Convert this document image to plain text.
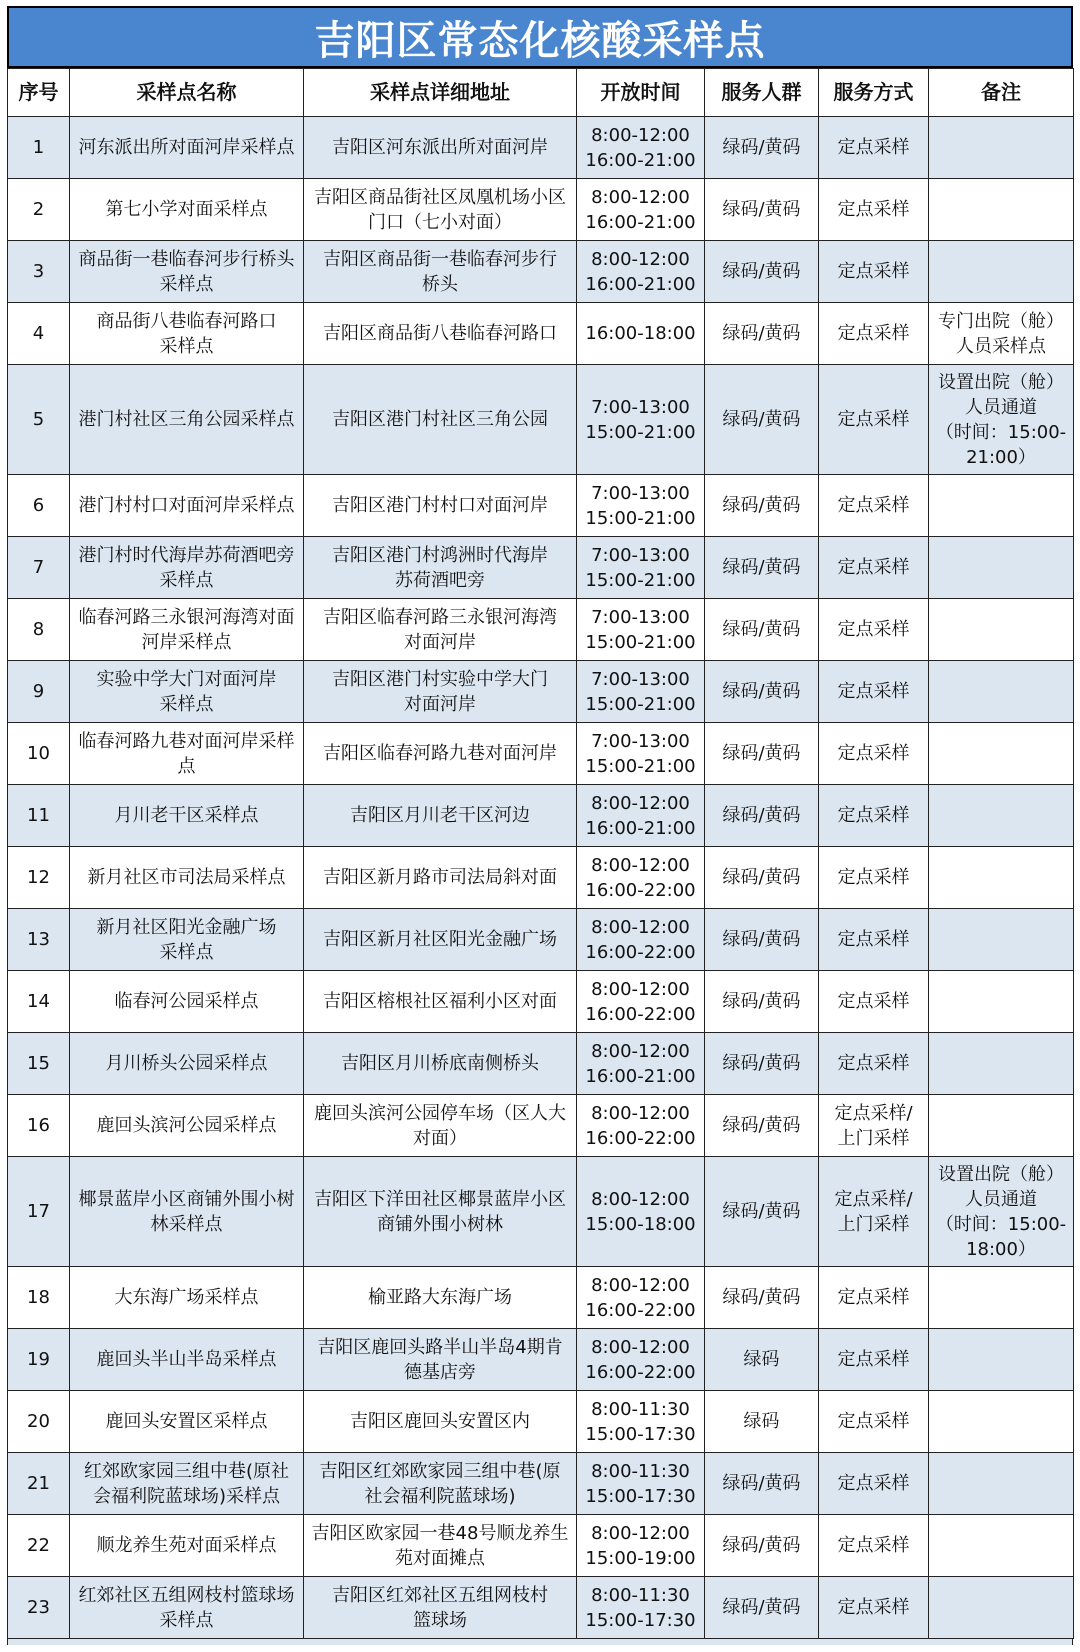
吉阳区常态化核酸采样点
序号	采样点名称	采样点详细地址	开放时间	服务人群	服务方式	备注
1	河东派出所对面河岸采样点	吉阳区河东派出所对面河岸	8:00-12:00
16:00-21:00	绿码/黄码	定点采样	
2	第七小学对面采样点	吉阳区商品街社区凤凰机场小区
门口（七小对面）	8:00-12:00
16:00-21:00	绿码/黄码	定点采样	
3	商品街一巷临春河步行桥头
采样点	吉阳区商品街一巷临春河步行
桥头	8:00-12:00
16:00-21:00	绿码/黄码	定点采样	
4	商品街八巷临春河路口
采样点	吉阳区商品街八巷临春河路口	16:00-18:00	绿码/黄码	定点采样	专门出院（舱）
人员采样点
5	港门村社区三角公园采样点	吉阳区港门村社区三角公园	7:00-13:00
15:00-21:00	绿码/黄码	定点采样	设置出院（舱）
人员通道
（时间：15:00-
21:00）
6	港门村村口对面河岸采样点	吉阳区港门村村口对面河岸	7:00-13:00
15:00-21:00	绿码/黄码	定点采样	
7	港门村时代海岸苏荷酒吧旁
采样点	吉阳区港门村鸿洲时代海岸
苏荷酒吧旁	7:00-13:00
15:00-21:00	绿码/黄码	定点采样	
8	临春河路三永银河海湾对面
河岸采样点	吉阳区临春河路三永银河海湾
对面河岸	7:00-13:00
15:00-21:00	绿码/黄码	定点采样	
9	实验中学大门对面河岸
采样点	吉阳区港门村实验中学大门
对面河岸	7:00-13:00
15:00-21:00	绿码/黄码	定点采样	
10	临春河路九巷对面河岸采样
点	吉阳区临春河路九巷对面河岸	7:00-13:00
15:00-21:00	绿码/黄码	定点采样	
11	月川老干区采样点	吉阳区月川老干区河边	8:00-12:00
16:00-21:00	绿码/黄码	定点采样	
12	新月社区市司法局采样点	吉阳区新月路市司法局斜对面	8:00-12:00
16:00-22:00	绿码/黄码	定点采样	
13	新月社区阳光金融广场
采样点	吉阳区新月社区阳光金融广场	8:00-12:00
16:00-22:00	绿码/黄码	定点采样	
14	临春河公园采样点	吉阳区榕根社区福利小区对面	8:00-12:00
16:00-22:00	绿码/黄码	定点采样	
15	月川桥头公园采样点	吉阳区月川桥底南侧桥头	8:00-12:00
16:00-21:00	绿码/黄码	定点采样	
16	鹿回头滨河公园采样点	鹿回头滨河公园停车场（区人大
对面）	8:00-12:00
16:00-22:00	绿码/黄码	定点采样/
上门采样	
17	椰景蓝岸小区商铺外围小树
林采样点	吉阳区下洋田社区椰景蓝岸小区
商铺外围小树林	8:00-12:00
15:00-18:00	绿码/黄码	定点采样/
上门采样	设置出院（舱）
人员通道
（时间：15:00-
18:00）
18	大东海广场采样点	榆亚路大东海广场	8:00-12:00
16:00-22:00	绿码/黄码	定点采样	
19	鹿回头半山半岛采样点	吉阳区鹿回头路半山半岛4期肯
德基店旁	8:00-12:00
16:00-22:00	绿码	定点采样	
20	鹿回头安置区采样点	吉阳区鹿回头安置区内	8:00-11:30
15:00-17:30	绿码	定点采样	
21	红郊欧家园三组中巷(原社
会福利院蓝球场)采样点	吉阳区红郊欧家园三组中巷(原
社会福利院蓝球场)	8:00-11:30
15:00-17:30	绿码/黄码	定点采样	
22	顺龙养生苑对面采样点	吉阳区欧家园一巷48号顺龙养生
苑对面摊点	8:00-12:00
15:00-19:00	绿码/黄码	定点采样	
23	红郊社区五组网枝村篮球场
采样点	吉阳区红郊社区五组网枝村
篮球场	8:00-11:30
15:00-17:30	绿码/黄码	定点采样	
